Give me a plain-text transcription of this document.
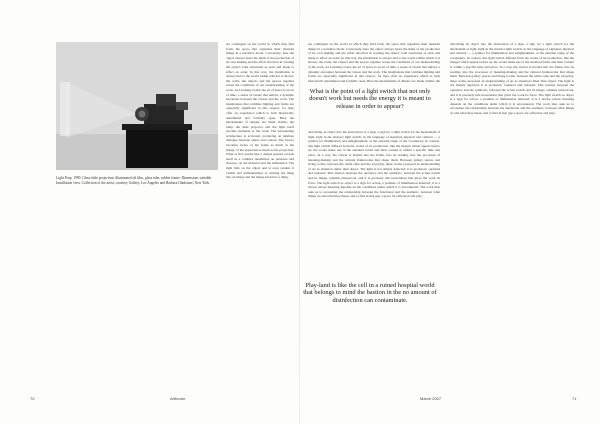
Light Prop, 1990. Glass slide projection, illuminated oil film, glass tube, rubber frame. Dimensions variable. Installation view. Collection of the artist, courtesy Gallery, Los Angeles and Barbara Gladstone, New York.

are contingent on the world in which they find form, the space that organizes their material things in a narrative mode. Conversely, here the object always bears the mark of the production of its own making and the effort involved in creating the object; both structured as such and made to effect an order. In this way, the installation is always tied to the world within which it is shown; the walls, the objects and the spaces together create the conditions of our understanding of the work. As Lissitzky noted, the art of space is an art of time, a series of events that unfold, a dynamic encounter between the viewer and the work. The installations that combine lighting and forms are especially significant in this respect, for they offer an experience which is both historically determined and formally open. Here the mechanisms of display are made visible; the lamp, the slide projector and the light itself become elements of the work. The surrounding architecture is activated, producing an intimate dialogue between object and context. The viewer becomes aware of the frame as much as the image, of the apparatus as much as the projection. What at first seems like a simple gesture reveals itself as a complex meditation on presence and absence, on the material and the immaterial. The light falls on the object and at once renders it visible and dematerializes it, turning the thing into an image and the image back into a thing.

70	Artforum

are contingent on the world in which they find form, the space that organizes their material things in a narrative mode. Conversely, here the object always bears the mark of the production of its own making and the effort involved in creating the object; both structured as such and made to effect an order. In this way, the installation is always tied to the world within which it is shown; the walls, the objects and the spaces together create the conditions of our understanding of the work. As Lissitzky noted, the art of space is an art of time, a series of events that unfold, a dynamic encounter between the viewer and the work. The installations that combine lighting and forms are especially significant in this respect, for they offer an experience which is both historically determined and formally open. Here the mechanisms of display are made visible; the

What is the point of a light switch that not only doesn't work but needs the energy it is meant to release in order to appear?

describing an object into the abstraction of a sign, a sign for a light switch for the mechanism of light, light in the abstract light switch, in the language of signature physical and cultural — a symbol for illumination and enlightenment, at the extreme range of the vocabulary. In context, this light switch differed from the works of its production, like the images which appear before us, the works make use of the standard forms and their content is within a specific time and place. In a way, the viewer is invited into the frame, into its reading, into the processes of meaning-making and the cultural frameworks that shape them. Between gallery spaces and living rooms, between the white cube and the everyday, these works proposed an understanding of art as situation rather than object. The light is not simply depicted; it is produced, captured and released. This tension between the operative and the symbolic, between the actual switch and its image, remains unresolved, and it is precisely this irresolution that gives the work its force. The light switch as object is a sign for action, a promise of illumination deferred; it is a device whose meaning depends on the conditions under which it is encountered. The work thus asks us to reconsider the relationship between the functional and the aesthetic, between what things do and what they mean, and to find in that gap a space for reflection and play.

Play-land is like the cell in a ruined hospital world that belongs to mind the bastion in the no amount of disinfection can contaminate.

describing an object into the abstraction of a sign, a sign for a light switch for the mechanism of light, light in the abstract light switch, in the language of signature physical and cultural — a symbol for illumination and enlightenment, at the extreme range of the vocabulary. In context, this light switch differed from the works of its production, like the images which appear before us, the works make use of the standard forms and their content is within a specific time and place. In a way, the viewer is invited into the frame, into its reading, into the processes of meaning-making and the cultural frameworks that shape them. Between gallery spaces and living rooms, between the white cube and the everyday, these works proposed an understanding of art as situation rather than object. The light is not simply depicted; it is produced, captured and released. This tension between the operative and the symbolic, between the actual switch and its image, remains unresolved, and it is precisely this irresolution that gives the work its force. The light switch as object is a sign for action, a promise of illumination deferred; it is a device whose meaning depends on the conditions under which it is encountered. The work thus asks us to reconsider the relationship between the functional and the aesthetic, between what things do and what they mean, and to find in that gap a space for reflection and play.

March 2007	71
